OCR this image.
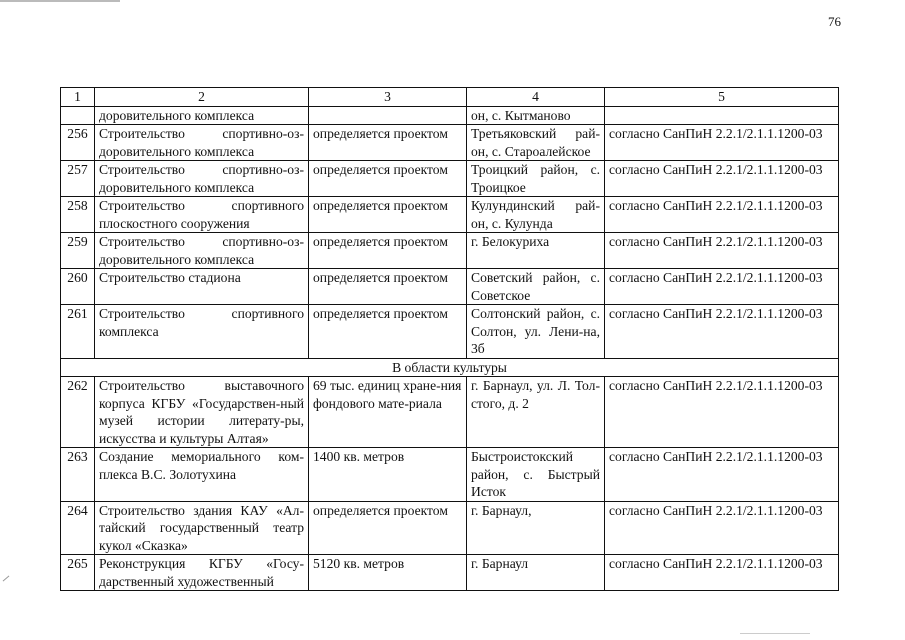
76
1	2	3	4	5
	доровительного комплекса		он, с. Кытманово	
256	Строительство спортивно-оз-доровительного комплекса	определяется проектом	Третьяковский рай-он, с. Староалейское	согласно СанПиН 2.2.1/2.1.1.1200-03
257	Строительство спортивно-оз-доровительного комплекса	определяется проектом	Троицкий район, с. Троицкое	согласно СанПиН 2.2.1/2.1.1.1200-03
258	Строительство спортивного плоскостного сооружения	определяется проектом	Кулундинский рай-он, с. Кулунда	согласно СанПиН 2.2.1/2.1.1.1200-03
259	Строительство спортивно-оз-доровительного комплекса	определяется проектом	г. Белокуриха	согласно СанПиН 2.2.1/2.1.1.1200-03
260	Строительство стадиона	определяется проектом	Советский район, с. Советское	согласно СанПиН 2.2.1/2.1.1.1200-03
261	Строительство спортивного комплекса	определяется проектом	Солтонский район, с. Солтон, ул. Лени-на, 3б	согласно СанПиН 2.2.1/2.1.1.1200-03
В области культуры				
262	Строительство выставочного корпуса КГБУ «Государствен-ный музей истории литерату-ры, искусства и культуры Алтая»	69 тыс. единиц хране-ния фондового мате-риала	г. Барнаул, ул. Л. Тол-стого, д. 2	согласно СанПиН 2.2.1/2.1.1.1200-03
263	Создание мемориального ком-плекса В.С. Золотухина	1400 кв. метров	Быстроистокский район, с. Быстрый Исток	согласно СанПиН 2.2.1/2.1.1.1200-03
264	Строительство здания КАУ «Ал-тайский государственный театр кукол «Сказка»	определяется проектом	г. Барнаул,	согласно СанПиН 2.2.1/2.1.1.1200-03
265	Реконструкция КГБУ «Госу-дарственный художественный	5120 кв. метров	г. Барнаул	согласно СанПиН 2.2.1/2.1.1.1200-03
